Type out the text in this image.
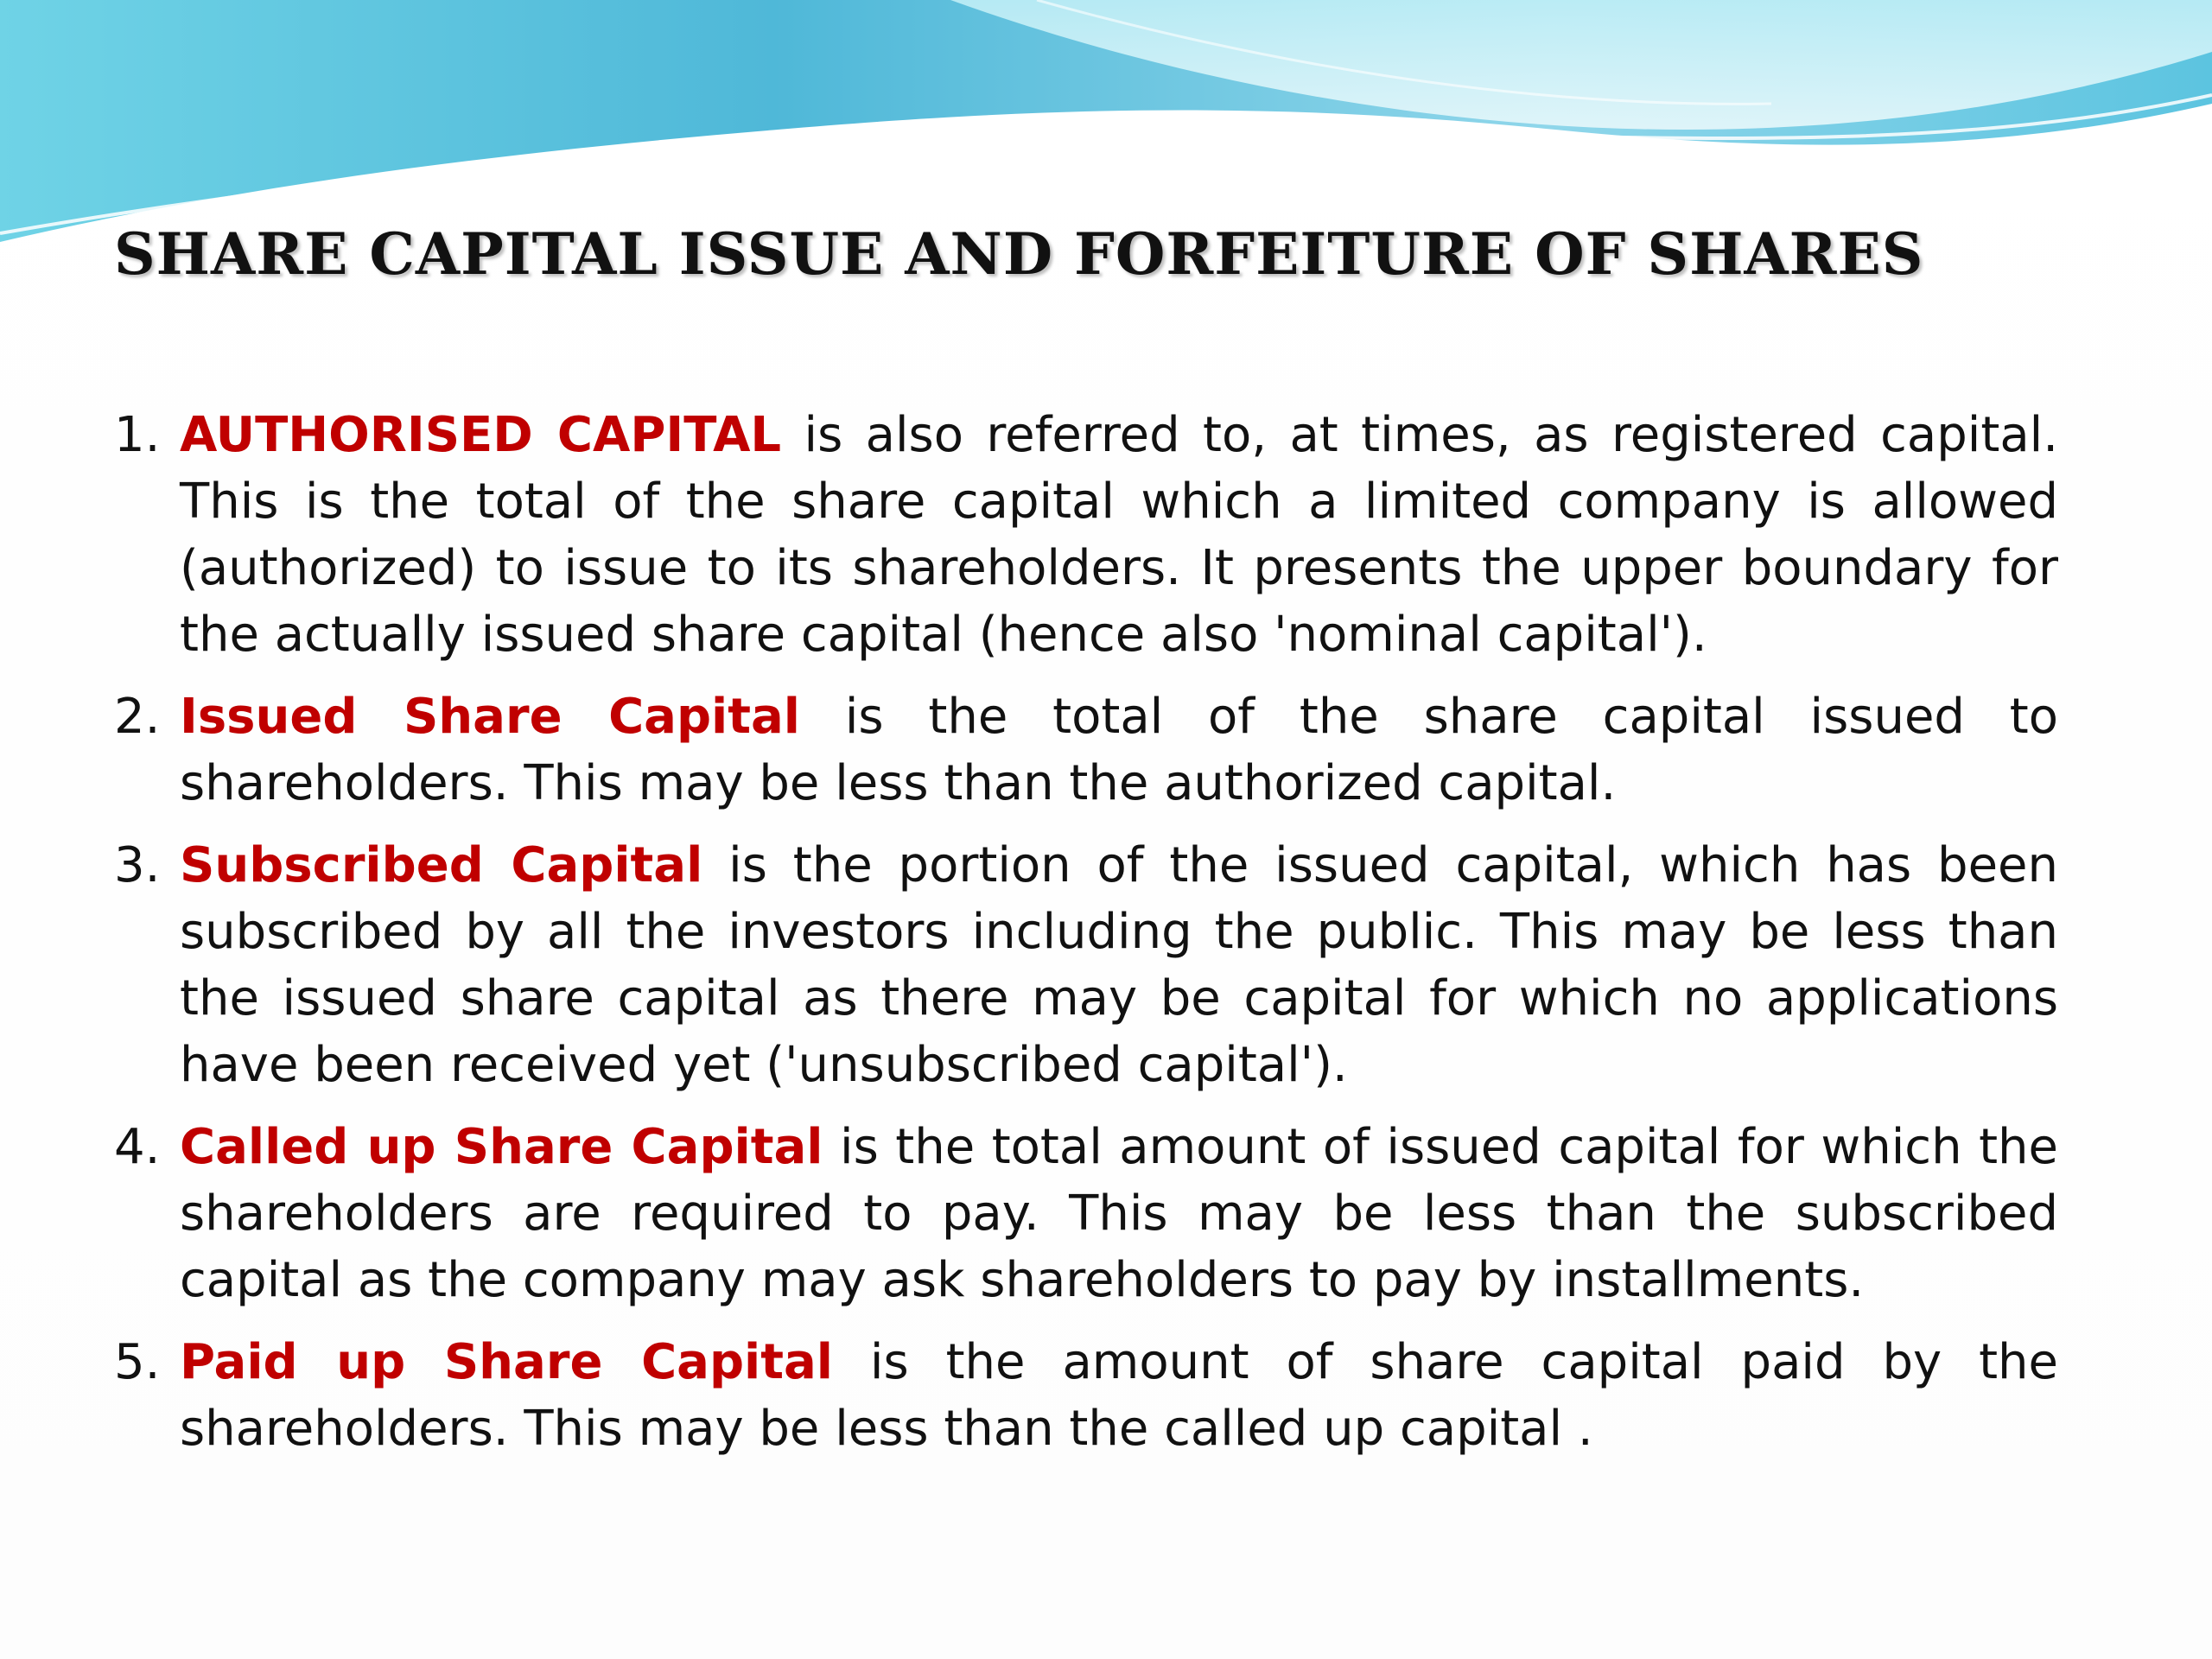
SHARE CAPITAL ISSUE AND FORFEITURE OF SHARES
1. AUTHORISED CAPITAL is also referred to, at times, as registered capital. This is the total of the share capital which a limited company is allowed (authorized) to issue to its shareholders. It presents the upper boundary for the actually issued share capital (hence also 'nominal capital').
2. Issued Share Capital is the total of the share capital issued to shareholders. This may be less than the authorized capital.
3. Subscribed Capital is the portion of the issued capital, which has been subscribed by all the investors including the public. This may be less than the issued share capital as there may be capital for which no applications have been received yet ('unsubscribed capital').
4. Called up Share Capital is the total amount of issued capital for which the shareholders are required to pay. This may be less than the subscribed capital as the company may ask shareholders to pay by installments.
5. Paid up Share Capital is the amount of share capital paid by the shareholders. This may be less than the called up capital .
